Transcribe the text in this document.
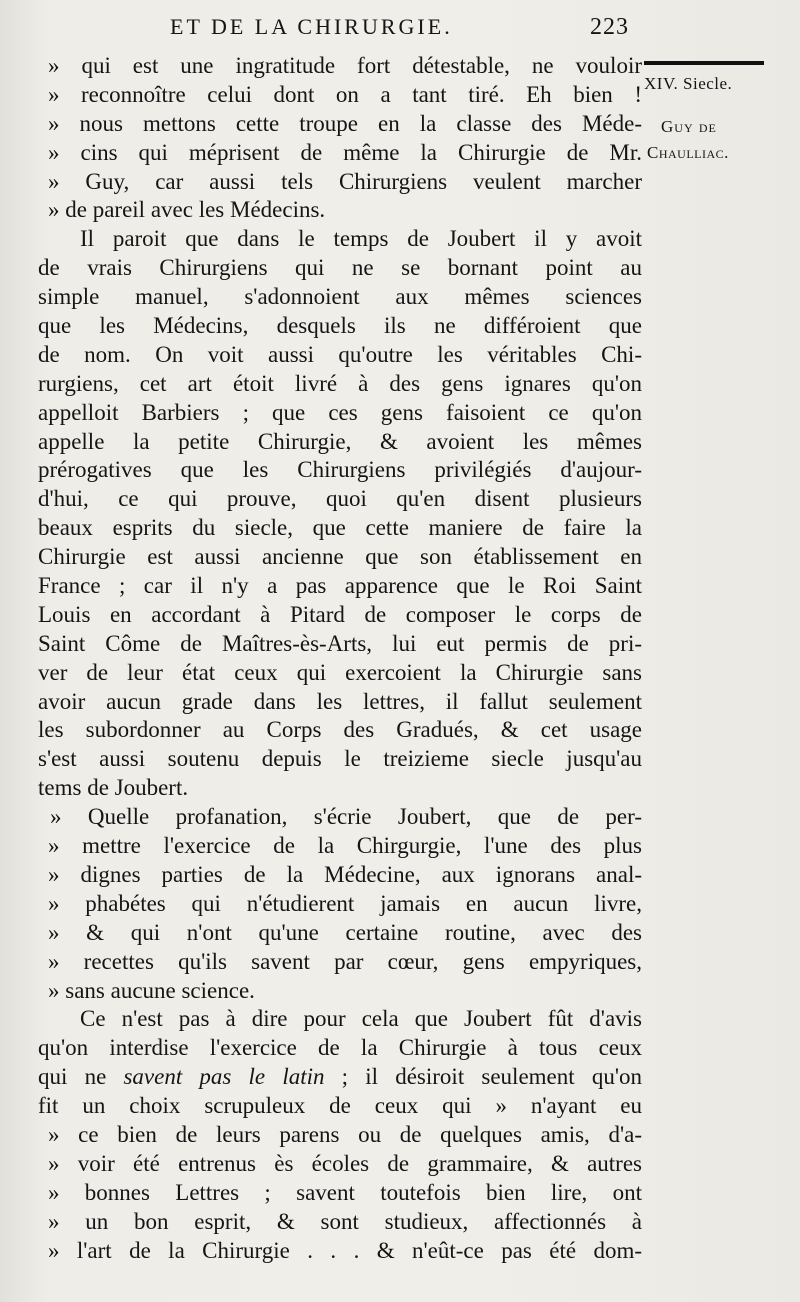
ET DE LA CHIRURGIE.	223
XIV. Siecle.
Guy de
Chaulliac.
» qui est une ingratitude fort détestable, ne vouloir
» reconnoître celui dont on a tant tiré. Eh bien !
» nous mettons cette troupe en la classe des Méde-
» cins qui méprisent de même la Chirurgie de Mr.
» Guy, car aussi tels Chirurgiens veulent marcher
» de pareil avec les Médecins.
Il paroit que dans le temps de Joubert il y avoit
de vrais Chirurgiens qui ne se bornant point au
simple manuel, s'adonnoient aux mêmes sciences
que les Médecins, desquels ils ne différoient que
de nom. On voit aussi qu'outre les véritables Chi-
rurgiens, cet art étoit livré à des gens ignares qu'on
appelloit Barbiers ; que ces gens faisoient ce qu'on
appelle la petite Chirurgie, & avoient les mêmes
prérogatives que les Chirurgiens privilégiés d'aujour-
d'hui, ce qui prouve, quoi qu'en disent plusieurs
beaux esprits du siecle, que cette maniere de faire la
Chirurgie est aussi ancienne que son établissement en
France ; car il n'y a pas apparence que le Roi Saint
Louis en accordant à Pitard de composer le corps de
Saint Côme de Maîtres-ès-Arts, lui eut permis de pri-
ver de leur état ceux qui exercoient la Chirurgie sans
avoir aucun grade dans les lettres, il fallut seulement
les subordonner au Corps des Gradués, & cet usage
s'est aussi soutenu depuis le treizieme siecle jusqu'au
tems de Joubert.
» Quelle profanation, s'écrie Joubert, que de per-
» mettre l'exercice de la Chirgurgie, l'une des plus
» dignes parties de la Médecine, aux ignorans anal-
» phabétes qui n'étudierent jamais en aucun livre,
» & qui n'ont qu'une certaine routine, avec des
» recettes qu'ils savent par cœur, gens empyriques,
» sans aucune science.
Ce n'est pas à dire pour cela que Joubert fût d'avis
qu'on interdise l'exercice de la Chirurgie à tous ceux
qui ne savent pas le latin ; il désiroit seulement qu'on
fit un choix scrupuleux de ceux qui » n'ayant eu
» ce bien de leurs parens ou de quelques amis, d'a-
» voir été entrenus ès écoles de grammaire, & autres
» bonnes Lettres ; savent toutefois bien lire, ont
» un bon esprit, & sont studieux, affectionnés à
» l'art de la Chirurgie . . . & n'eût-ce pas été dom-
